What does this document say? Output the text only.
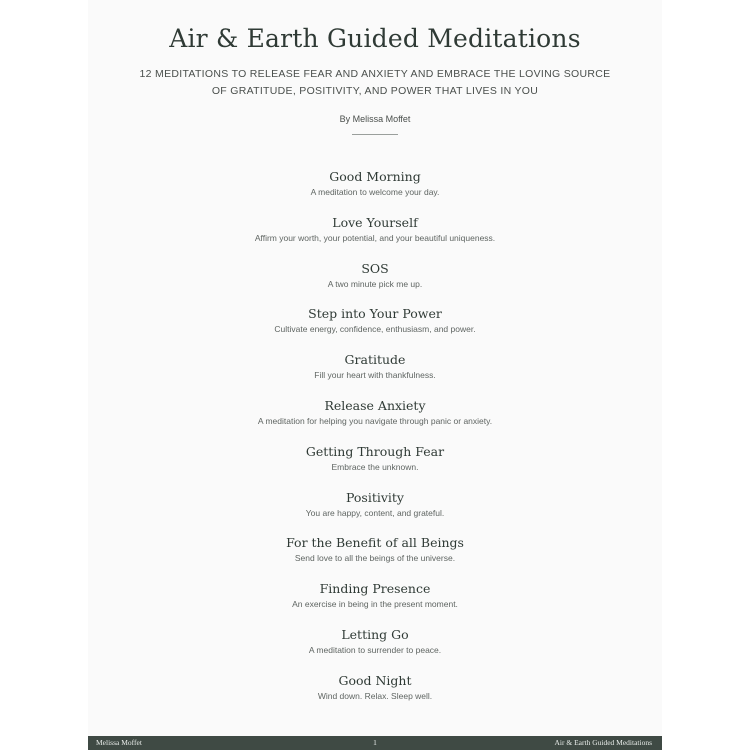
Air & Earth Guided Meditations
12 MEDITATIONS TO RELEASE FEAR AND ANXIETY AND EMBRACE THE LOVING SOURCE OF GRATITUDE, POSITIVITY, AND POWER THAT LIVES IN YOU
By Melissa Moffet
Good Morning
A meditation to welcome your day.
Love Yourself
Affirm your worth, your potential, and your beautiful uniqueness.
SOS
A two minute pick me up.
Step into Your Power
Cultivate energy, confidence, enthusiasm, and power.
Gratitude
Fill your heart with thankfulness.
Release Anxiety
A meditation for helping you navigate through panic or anxiety.
Getting Through Fear
Embrace the unknown.
Positivity
You are happy, content, and grateful.
For the Benefit of all Beings
Send love to all the beings of the universe.
Finding Presence
An exercise in being in the present moment.
Letting Go
A meditation to surrender to peace.
Good Night
Wind down. Relax. Sleep well.
Melissa Moffet	1	Air & Earth Guided Meditations
